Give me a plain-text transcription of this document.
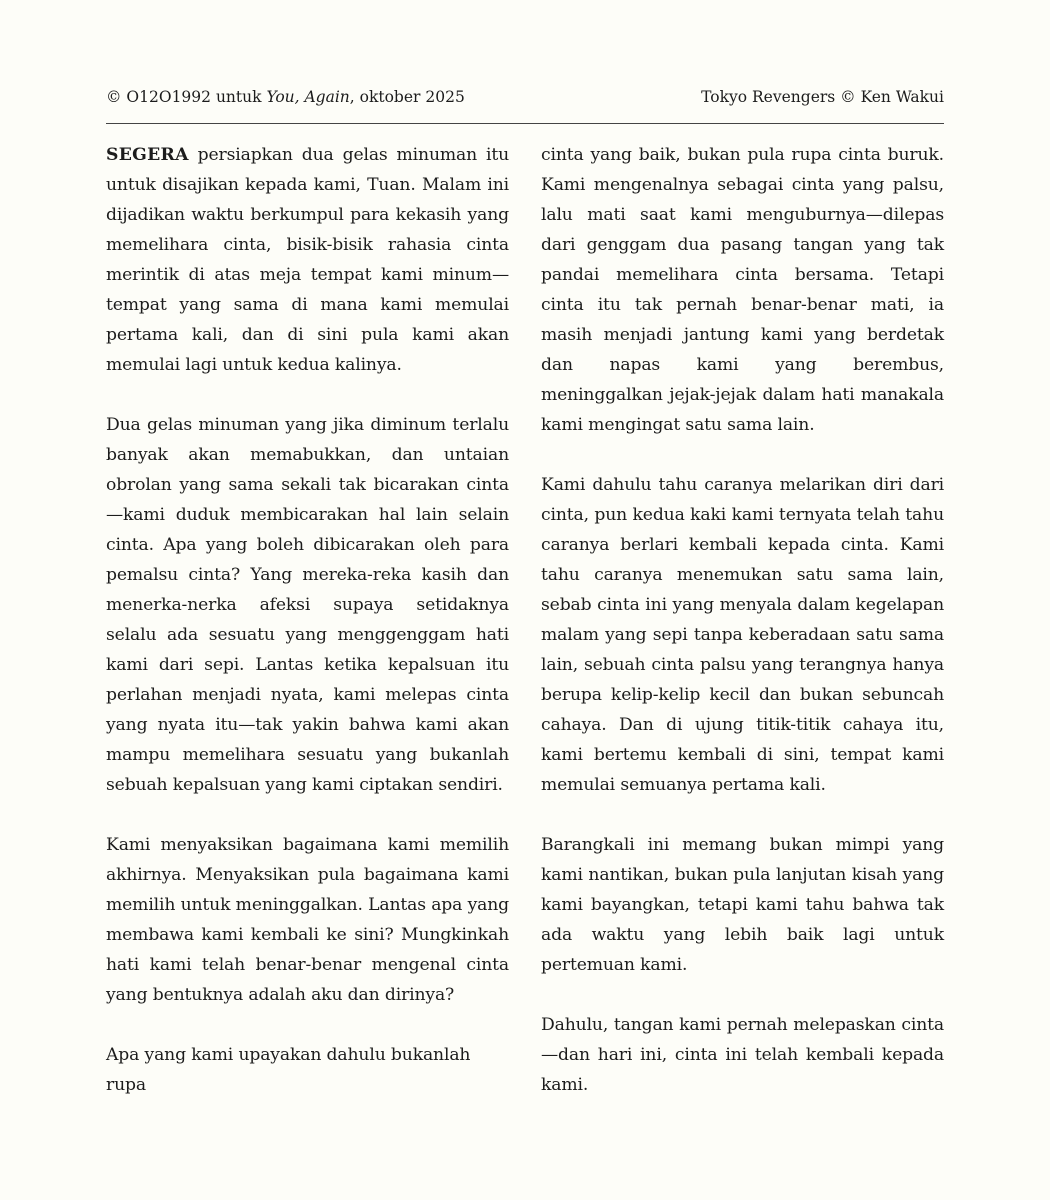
© O12O1992 untuk You, Again, oktober 2025	Tokyo Revengers © Ken Wakui

SEGERA persiapkan dua gelas minuman itu untuk disajikan kepada kami, Tuan. Malam ini dijadikan waktu berkumpul para kekasih yang memelihara cinta, bisik-bisik rahasia cinta merintik di atas meja tempat kami minum—tempat yang sama di mana kami memulai pertama kali, dan di sini pula kami akan memulai lagi untuk kedua kalinya.

Dua gelas minuman yang jika diminum terlalu banyak akan memabukkan, dan untaian obrolan yang sama sekali tak bicarakan cinta—kami duduk membicarakan hal lain selain cinta. Apa yang boleh dibicarakan oleh para pemalsu cinta? Yang mereka-reka kasih dan menerka-nerka afeksi supaya setidaknya selalu ada sesuatu yang menggenggam hati kami dari sepi. Lantas ketika kepalsuan itu perlahan menjadi nyata, kami melepas cinta yang nyata itu—tak yakin bahwa kami akan mampu memelihara sesuatu yang bukanlah sebuah kepalsuan yang kami ciptakan sendiri.

Kami menyaksikan bagaimana kami memilih akhirnya. Menyaksikan pula bagaimana kami memilih untuk meninggalkan. Lantas apa yang membawa kami kembali ke sini? Mungkinkah hati kami telah benar-benar mengenal cinta yang bentuknya adalah aku dan dirinya?

Apa yang kami upayakan dahulu bukanlah rupa

cinta yang baik, bukan pula rupa cinta buruk. Kami mengenalnya sebagai cinta yang palsu, lalu mati saat kami menguburnya—dilepas dari genggam dua pasang tangan yang tak pandai memelihara cinta bersama. Tetapi cinta itu tak pernah benar-benar mati, ia masih menjadi jantung kami yang berdetak dan napas kami yang berembus, meninggalkan jejak-jejak dalam hati manakala kami mengingat satu sama lain.

Kami dahulu tahu caranya melarikan diri dari cinta, pun kedua kaki kami ternyata telah tahu caranya berlari kembali kepada cinta. Kami tahu caranya menemukan satu sama lain, sebab cinta ini yang menyala dalam kegelapan malam yang sepi tanpa keberadaan satu sama lain, sebuah cinta palsu yang terangnya hanya berupa kelip-kelip kecil dan bukan sebuncah cahaya. Dan di ujung titik-titik cahaya itu, kami bertemu kembali di sini, tempat kami memulai semuanya pertama kali.

Barangkali ini memang bukan mimpi yang kami nantikan, bukan pula lanjutan kisah yang kami bayangkan, tetapi kami tahu bahwa tak ada waktu yang lebih baik lagi untuk pertemuan kami.

Dahulu, tangan kami pernah melepaskan cinta—dan hari ini, cinta ini telah kembali kepada kami.
